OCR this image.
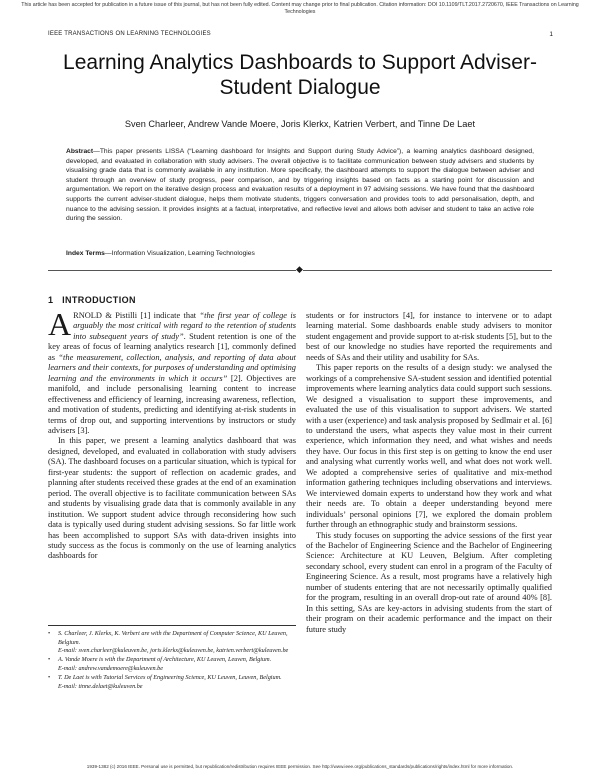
This article has been accepted for publication in a future issue of this journal, but has not been fully edited. Content may change prior to final publication. Citation information: DOI 10.1109/TLT.2017.2720670, IEEE Transactions on Learning Technologies
IEEE TRANSACTIONS ON LEARNING TECHNOLOGIES	1
Learning Analytics Dashboards to Support Adviser-Student Dialogue
Sven Charleer, Andrew Vande Moere, Joris Klerkx, Katrien Verbert, and Tinne De Laet
Abstract—This paper presents LISSA (“Learning dashboard for Insights and Support during Study Advice”), a learning analytics dashboard designed, developed, and evaluated in collaboration with study advisers. The overall objective is to facilitate communication between study advisers and students by visualising grade data that is commonly available in any institution. More specifically, the dashboard attempts to support the dialogue between adviser and student through an overview of study progress, peer comparison, and by triggering insights based on facts as a starting point for discussion and argumentation. We report on the iterative design process and evaluation results of a deployment in 97 advising sessions. We have found that the dashboard supports the current adviser-student dialogue, helps them motivate students, triggers conversation and provides tools to add personalisation, depth, and nuance to the advising session. It provides insights at a factual, interpretative, and reflective level and allows both adviser and student to take an active role during the session.
Index Terms—Information Visualization, Learning Technologies
◆
1 INTRODUCTION

ARNOLD & Pistilli [1] indicate that “the first year of college is arguably the most critical with regard to the retention of students into subsequent years of study”. Student retention is one of the key areas of focus of learning analytics research [1], commonly defined as “the measurement, collection, analysis, and reporting of data about learners and their contexts, for purposes of understanding and optimising learning and the environments in which it occurs” [2]. Objectives are manifold, and include personalising learning content to increase effectiveness and efficiency of learning, increasing awareness, reflection, and motivation of students, predicting and identifying at-risk students in terms of drop out, and supporting interventions by instructors or study advisers [3].

In this paper, we present a learning analytics dashboard that was designed, developed, and evaluated in collaboration with study advisers (SA). The dashboard focuses on a particular situation, which is typical for first-year students: the support of reflection on academic grades, and planning after students received these grades at the end of an examination period. The overall objective is to facilitate communication between SAs and students by visualising grade data that is commonly available in any institution. We support student advice through reconsidering how such data is typically used during student advising sessions. So far little work has been accomplished to support SAs with data-driven insights into study success as the focus is commonly on the use of learning analytics dashboards for

• S. Charleer, J. Klerkx, K. Verbert are with the Department of Computer Science, KU Leuven, Belgium.
E-mail: sven.charleer@kuleuven.be, joris.klerkx@kuleuven.be, katrien.verbert@kuleuven.be
• A. Vande Moere is with the Department of Architecture, KU Leuven, Leuven, Belgium.
E-mail: andrew.vandemoere@kuleuven.be
• T. De Laet is with Tutorial Services of Engineering Science, KU Leuven, Leuven, Belgium.
E-mail: tinne.delaet@kuleuven.be

students or for instructors [4], for instance to intervene or to adapt learning material. Some dashboards enable study advisers to monitor student engagement and provide support to at-risk students [5], but to the best of our knowledge no studies have reported the requirements and needs of SAs and their utility and usability for SAs.

This paper reports on the results of a design study: we analysed the workings of a comprehensive SA-student session and identified potential improvements where learning analytics data could support such sessions. We designed a visualisation to support these improvements, and evaluated the use of this visualisation to support advisers. We started with a user (experience) and task analysis proposed by Sedlmair et al. [6] to understand the users, what aspects they value most in their current experience, which information they need, and what wishes and needs they have. Our focus in this first step is on getting to know the end user and analysing what currently works well, and what does not work well. We adopted a comprehensive series of qualitative and mix-method information gathering techniques including observations and interviews. We interviewed domain experts to understand how they work and what their needs are. To obtain a deeper understanding beyond mere individuals’ personal opinions [7], we explored the domain problem further through an ethnographic study and brainstorm sessions.

This study focuses on supporting the advice sessions of the first year of the Bachelor of Engineering Science and the Bachelor of Engineering Science: Architecture at KU Leuven, Belgium. After completing secondary school, every student can enrol in a program of the Faculty of Engineering Science. As a result, most programs have a relatively high number of students entering that are not necessarily optimally qualified for the program, resulting in an overall drop-out rate of around 40% [8]. In this setting, SAs are key-actors in advising students from the start of their program on their academic performance and the impact on their future study

1939-1382 (c) 2016 IEEE. Personal use is permitted, but republication/redistribution requires IEEE permission. See http://www.ieee.org/publications_standards/publications/rights/index.html for more information.
